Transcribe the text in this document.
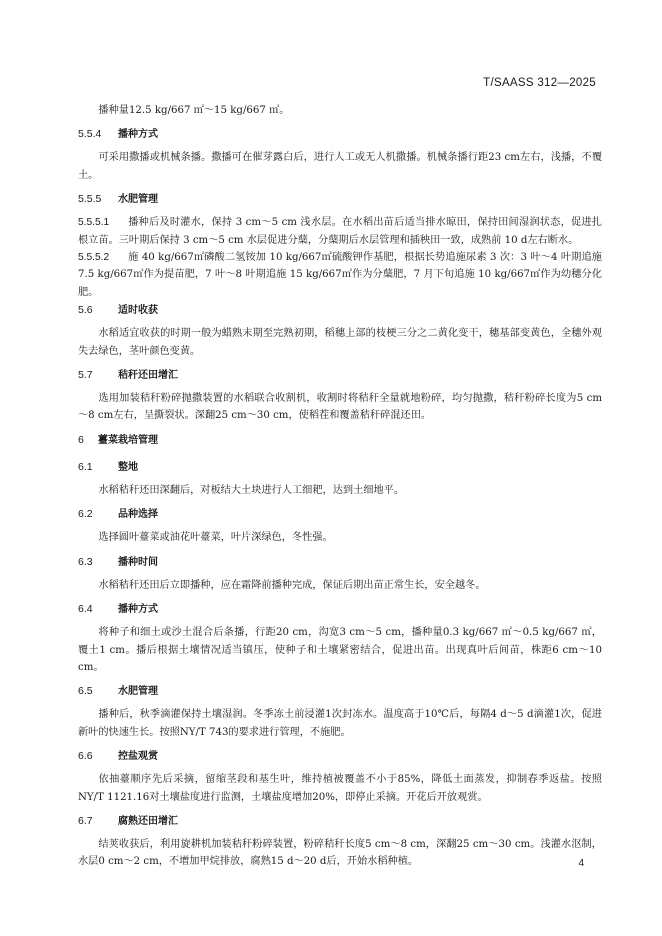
T/SAASS 312—2025

播种量12.5 kg/667 ㎡～15 kg/667 ㎡。

5.5.4 播种方式

可采用撒播或机械条播。撒播可在催芽露白后，进行人工或无人机撒播。机械条播行距23 cm左右，浅播，不覆土。

5.5.5 水肥管理

5.5.5.1 播种后及时灌水，保持 3 cm～5 cm 浅水层。在水稻出苗后适当排水晾田，保持田间湿润状态，促进扎根立苗。三叶期后保持 3 cm～5 cm 水层促进分蘖，分蘖期后水层管理和插秧田一致，成熟前 10 d左右断水。

5.5.5.2 施 40 kg/667㎡磷酸二氢铵加 10 kg/667㎡硫酸钾作基肥，根据长势追施尿素 3 次：3 叶～4 叶期追施 7.5 kg/667㎡作为提苗肥，7 叶～8 叶期追施 15 kg/667㎡作为分蘖肥，7 月下旬追施 10 kg/667㎡作为幼穗分化肥。

5.6	适时收获

水稻适宜收获的时期一般为蜡熟末期至完熟初期，稻穗上部的枝梗三分之二黄化变干，穗基部变黄色，全穗外观失去绿色，茎叶颜色变黄。

5.7	秸秆还田增汇

选用加装秸秆粉碎抛撒装置的水稻联合收割机，收割时将秸秆全量就地粉碎，均匀抛撒，秸秆粉碎长度为5 cm～8 cm左右，呈撕裂状。深翻25 cm～30 cm，使稻茬和覆盖秸秆碎混还田。

6 薹菜栽培管理
6.1	整地

水稻秸秆还田深翻后，对板结大土块进行人工细耙，达到土细地平。

6.2	品种选择

选择圆叶薹菜或油花叶薹菜，叶片深绿色，冬性强。

6.3	播种时间

水稻秸秆还田后立即播种，应在霜降前播种完成，保证后期出苗正常生长，安全越冬。

6.4	播种方式

将种子和细土或沙土混合后条播，行距20 cm，沟宽3 cm～5 cm，播种量0.3 kg/667 ㎡～0.5 kg/667 ㎡，覆土1 cm。播后根据土壤情况适当镇压，使种子和土壤紧密结合，促进出苗。出现真叶后间苗，株距6 cm～10 cm。

6.5	水肥管理

播种后，秋季滴灌保持土壤湿润。冬季冻土前浸灌1次封冻水。温度高于10℃后，每隔4 d～5 d滴灌1次，促进新叶的快速生长。按照NY/T 743的要求进行管理，不施肥。

6.6	控盐观赏

依抽薹顺序先后采摘，留缩茎段和基生叶，维持植被覆盖不小于85%，降低土面蒸发，抑制春季返盐。按照NY/T 1121.16对土壤盐度进行监测，土壤盐度增加20%，即停止采摘。开花后开放观赏。

6.7	腐熟还田增汇

结荚收获后，利用旋耕机加装秸秆粉碎装置，粉碎秸秆长度5 cm～8 cm，深翻25 cm～30 cm。浅灌水沤制，水层0 cm～2 cm，不增加甲烷排放，腐熟15 d～20 d后，开始水稻种植。	4
